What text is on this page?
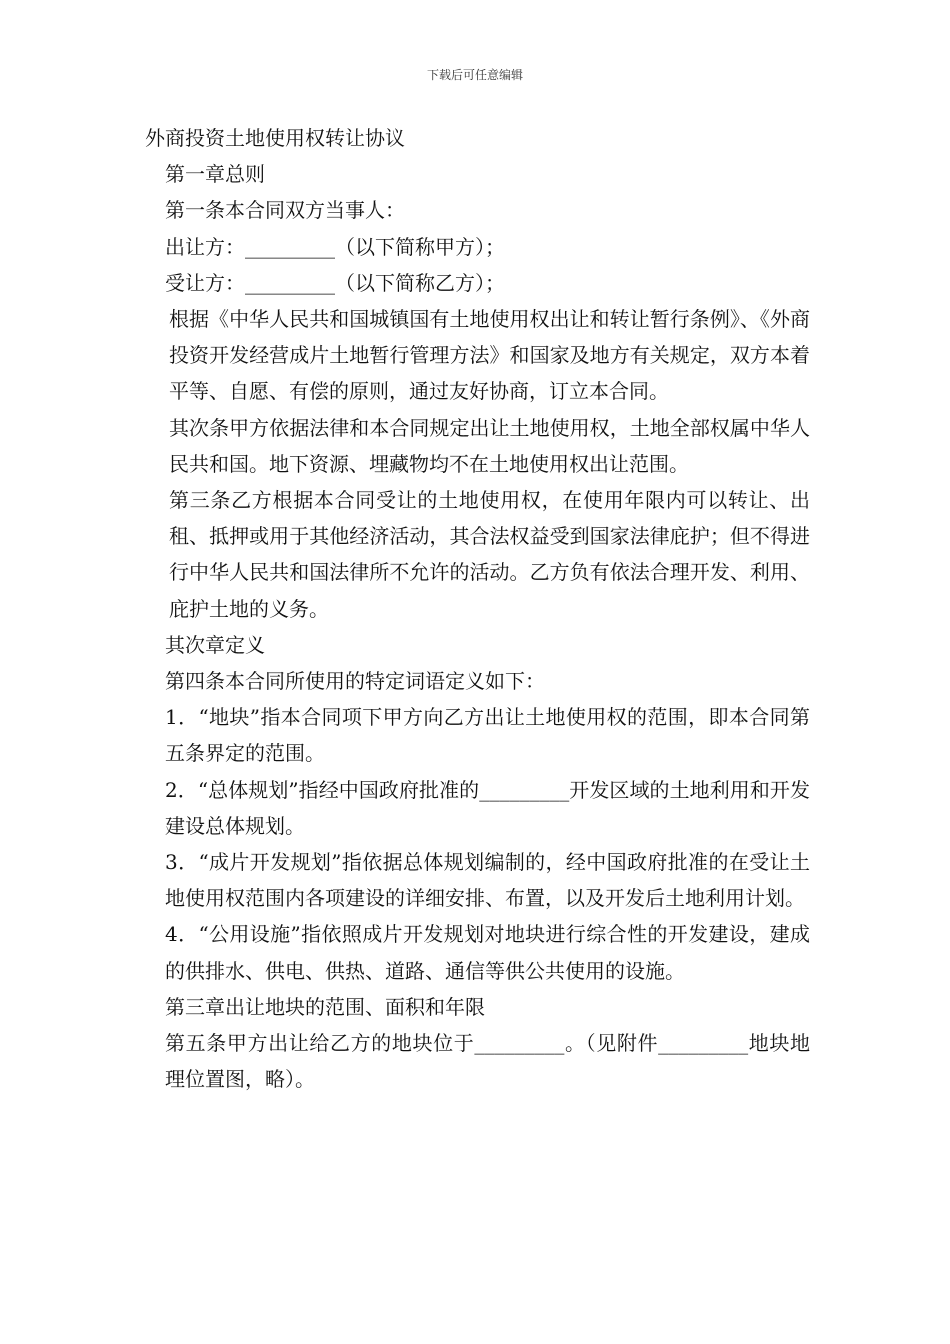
下载后可任意编辑

外商投资土地使用权转让协议

第一章总则

第一条本合同双方当事人：

出让方：_________（以下简称甲方）；

受让方：_________（以下简称乙方）；

根据《中华人民共和国城镇国有土地使用权出让和转让暂行条例》、《外商投资开发经营成片土地暂行管理方法》和国家及地方有关规定，双方本着平等、自愿、有偿的原则，通过友好协商，订立本合同。

其次条甲方依据法律和本合同规定出让土地使用权，土地全部权属中华人民共和国。地下资源、埋藏物均不在土地使用权出让范围。

第三条乙方根据本合同受让的土地使用权，在使用年限内可以转让、出租、抵押或用于其他经济活动，其合法权益受到国家法律庇护；但不得进行中华人民共和国法律所不允许的活动。乙方负有依法合理开发、利用、庇护土地的义务。

其次章定义

第四条本合同所使用的特定词语定义如下：

1．“地块”指本合同项下甲方向乙方出让土地使用权的范围，即本合同第五条界定的范围。

2．“总体规划”指经中国政府批准的_________开发区域的土地利用和开发建设总体规划。

3．“成片开发规划”指依据总体规划编制的，经中国政府批准的在受让土地使用权范围内各项建设的详细安排、布置，以及开发后土地利用计划。

4．“公用设施”指依照成片开发规划对地块进行综合性的开发建设，建成的供排水、供电、供热、道路、通信等供公共使用的设施。

第三章出让地块的范围、面积和年限

第五条甲方出让给乙方的地块位于_________。（见附件_________地块地理位置图，略）。
